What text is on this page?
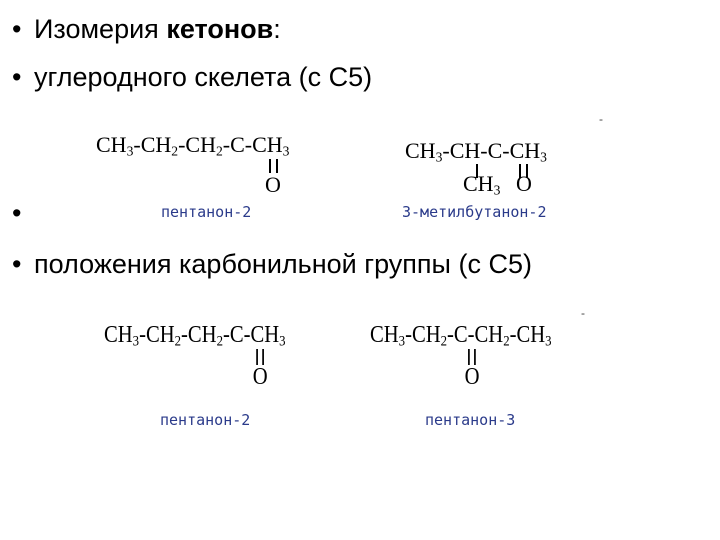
• Изомерия кетонов:
• углеродного скелета (с С5)
•
• положения карбонильной группы (с С5)
$CH_3-CH_2-CH_2-C-CH_3$
O
пентанон-2
$CH_3-CH-C-CH_3$
$CH_3$ O
3-метилбутанон-2
-
$CH_3-CH_2-CH_2-C-CH_3$
O
пентанон-2
$CH_3-CH_2-C-CH_2-CH_3$
O
пентанон-3
-
